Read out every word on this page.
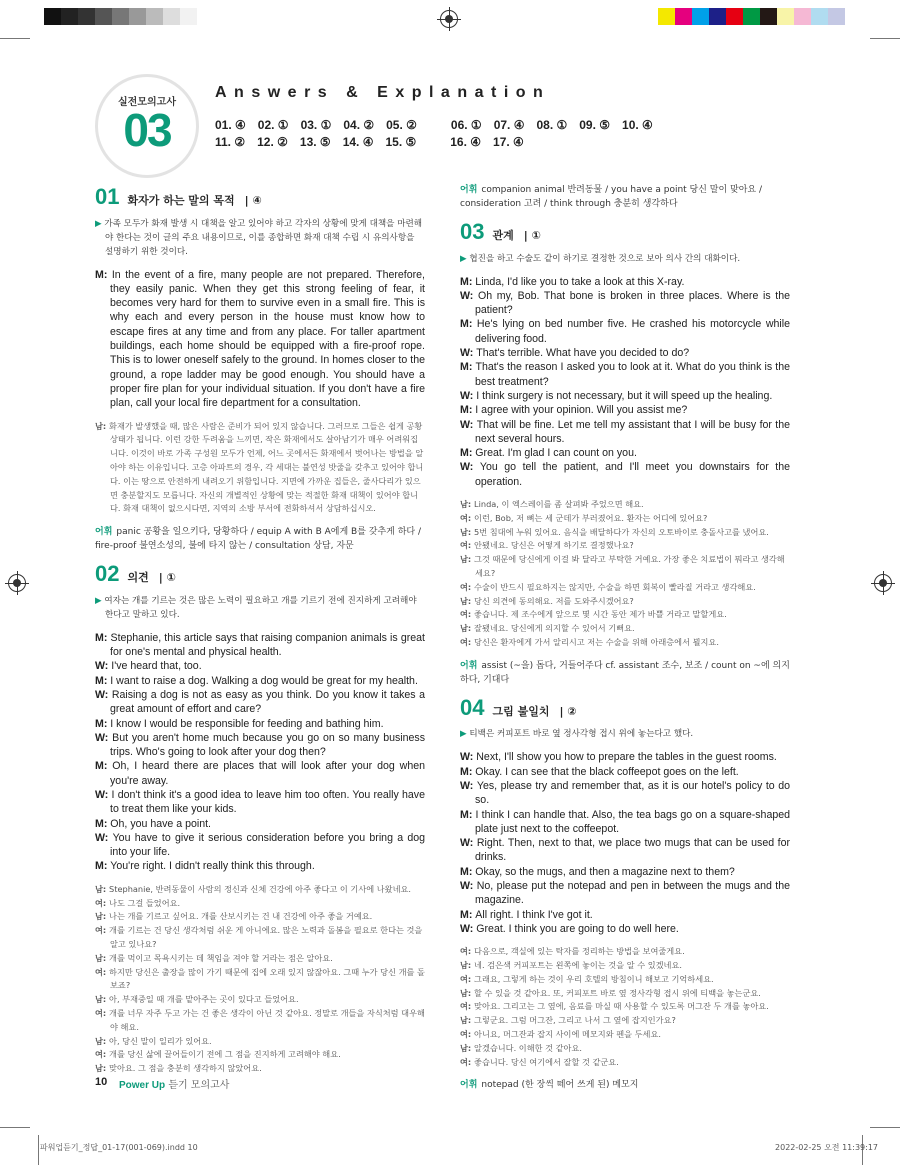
실전모의고사
03
Answers & Explanation
01. ④ 02. ① 03. ① 04. ② 05. ②	06. ① 07. ④ 08. ① 09. ⑤ 10. ④
11. ② 12. ② 13. ⑤ 14. ④ 15. ⑤	16. ④ 17. ④
01 화자가 하는 말의 목적 | ④
▶ 가족 모두가 화재 발생 시 대책을 알고 있어야 하고 각자의 상황에 맞게 대책을 마련해야 한다는 것이 글의 주요 내용이므로, 이를 종합하면 화재 대책 수립 시 유의사항을 설명하기 위한 것이다.
M: In the event of a fire, many people are not prepared. Therefore, they easily panic. When they get this strong feeling of fear, it becomes very hard for them to survive even in a small fire. This is why each and every person in the house must know how to escape fires at any time and from any place. For taller apartment buildings, each home should be equipped with a fire-proof rope. This is to lower oneself safely to the ground. In homes closer to the ground, a rope ladder may be good enough. You should have a proper fire plan for your individual situation. If you don't have a fire plan, call your local fire department for a consultation.
남: 화재가 발생했을 때, 많은 사람은 준비가 되어 있지 않습니다. 그러므로 그들은 쉽게 공황상태가 됩니다. 이런 강한 두려움을 느끼면, 작은 화재에서도 살아남기가 매우 어려워집니다. 이것이 바로 가족 구성원 모두가 언제, 어느 곳에서든 화재에서 벗어나는 방법을 알아야 하는 이유입니다. 고층 아파트의 경우, 각 세대는 불연성 밧줄을 갖추고 있어야 합니다. 이는 땅으로 안전하게 내려오기 위함입니다. 지면에 가까운 집들은, 줄사다리가 있으면 충분할지도 모릅니다. 자신의 개별적인 상황에 맞는 적절한 화재 대책이 있어야 합니다. 화재 대책이 없으시다면, 지역의 소방 부서에 전화하셔서 상담하십시오.
어휘 panic 공황을 일으키다, 당황하다 / equip A with B A에게 B를 갖추게 하다 / fire-proof 불연소성의, 불에 타지 않는 / consultation 상담, 자문
02 의견 | ①
▶ 여자는 개를 기르는 것은 많은 노력이 필요하고 개를 기르기 전에 진지하게 고려해야 한다고 말하고 있다.
M: Stephanie, this article says that raising companion animals is great for one's mental and physical health.
W: I've heard that, too.
M: I want to raise a dog. Walking a dog would be great for my health.
W: Raising a dog is not as easy as you think. Do you know it takes a great amount of effort and care?
M: I know I would be responsible for feeding and bathing him.
W: But you aren't home much because you go on so many business trips. Who's going to look after your dog then?
M: Oh, I heard there are places that will look after your dog when you're away.
W: I don't think it's a good idea to leave him too often. You really have to treat them like your kids.
M: Oh, you have a point.
W: You have to give it serious consideration before you bring a dog into your life.
M: You're right. I didn't really think this through.
남: Stephanie, 반려동물이 사람의 정신과 신체 건강에 아주 좋다고 이 기사에 나왔네요.
여: 나도 그걸 들었어요.
남: 나는 개를 기르고 싶어요. 개를 산보시키는 건 내 건강에 아주 좋을 거예요.
여: 개를 기르는 건 당신 생각처럼 쉬운 게 아니에요. 많은 노력과 돌봄을 필요로 한다는 것을 알고 있나요?
남: 개를 먹이고 목욕시키는 데 책임을 져야 할 거라는 점은 알아요.
여: 하지만 당신은 출장을 많이 가기 때문에 집에 오래 있지 않잖아요. 그때 누가 당신 개를 돌보죠?
남: 아, 부재중일 때 개를 맡아주는 곳이 있다고 들었어요.
여: 개를 너무 자주 두고 가는 건 좋은 생각이 아닌 것 같아요. 정말로 개들을 자식처럼 대우해야 해요.
남: 아, 당신 말이 일리가 있어요.
여: 개를 당신 삶에 끌어들이기 전에 그 점을 진지하게 고려해야 해요.
남: 맞아요. 그 점을 충분히 생각하지 않았어요.
어휘 companion animal 반려동물 / you have a point 당신 말이 맞아요 / consideration 고려 / think through 충분히 생각하다
03 관계 | ①
▶ 협진을 하고 수술도 같이 하기로 결정한 것으로 보아 의사 간의 대화이다.
M: Linda, I'd like you to take a look at this X-ray.
W: Oh my, Bob. That bone is broken in three places. Where is the patient?
M: He's lying on bed number five. He crashed his motorcycle while delivering food.
W: That's terrible. What have you decided to do?
M: That's the reason I asked you to look at it. What do you think is the best treatment?
W: I think surgery is not necessary, but it will speed up the healing.
M: I agree with your opinion. Will you assist me?
W: That will be fine. Let me tell my assistant that I will be busy for the next several hours.
M: Great. I'm glad I can count on you.
W: You go tell the patient, and I'll meet you downstairs for the operation.
남: Linda, 이 엑스레이를 좀 살펴봐 주었으면 해요.
여: 이런, Bob, 저 뼈는 세 군데가 부러졌어요. 환자는 어디에 있어요?
남: 5번 침대에 누워 있어요. 음식을 배달하다가 자신의 오토바이로 충돌사고를 냈어요.
여: 안됐네요. 당신은 어떻게 하기로 결정했나요?
남: 그것 때문에 당신에게 이걸 봐 달라고 부탁한 거예요. 가장 좋은 치료법이 뭐라고 생각해세요?
여: 수술이 반드시 필요하지는 않지만, 수술을 하면 회복이 빨라질 거라고 생각해요.
남: 당신 의견에 동의해요. 저를 도와주시겠어요?
여: 좋습니다. 제 조수에게 앞으로 몇 시간 동안 제가 바쁠 거라고 말할게요.
남: 잘됐네요. 당신에게 의지할 수 있어서 기뻐요.
여: 당신은 환자에게 가서 알리시고 저는 수술을 위해 아래층에서 뵐지요.
어휘 assist (~을) 돕다, 거들어주다 cf. assistant 조수, 보조 / count on ~에 의지하다, 기대다
04 그림 불일치 | ②
▶ 티백은 커피포트 바로 옆 정사각형 접시 위에 놓는다고 했다.
W: Next, I'll show you how to prepare the tables in the guest rooms.
M: Okay. I can see that the black coffeepot goes on the left.
W: Yes, please try and remember that, as it is our hotel's policy to do so.
M: I think I can handle that. Also, the tea bags go on a square-shaped plate just next to the coffeepot.
W: Right. Then, next to that, we place two mugs that can be used for drinks.
M: Okay, so the mugs, and then a magazine next to them?
W: No, please put the notepad and pen in between the mugs and the magazine.
M: All right. I think I've got it.
W: Great. I think you are going to do well here.
여: 다음으로, 객실에 있는 탁자를 정리하는 방법을 보여줄게요.
남: 네. 검은색 커피포트는 왼쪽에 놓이는 것을 알 수 있겠네요.
여: 그래요, 그렇게 하는 것이 우리 호텔의 방침이니 해보고 기억하세요.
남: 할 수 있을 것 같아요. 또, 커피포트 바로 옆 정사각형 접시 위에 티백을 놓는군요.
여: 맞아요. 그리고는 그 옆에, 음료를 마실 때 사용할 수 있도록 머그잔 두 개를 놓아요.
남: 그렇군요. 그럼 머그잔, 그리고 나서 그 옆에 잡지인가요?
여: 아니요, 머그잔과 잡지 사이에 메모지와 펜을 두세요.
남: 알겠습니다. 이해한 것 같아요.
여: 좋습니다. 당신 여기에서 잘할 것 같군요.
어휘 notepad (한 장씩 떼어 쓰게 된) 메모지
10 Power Up 듣기 모의고사
파워업듣기_정답_01-17(001-069).indd 10	2022-02-25 오전 11:39:17
